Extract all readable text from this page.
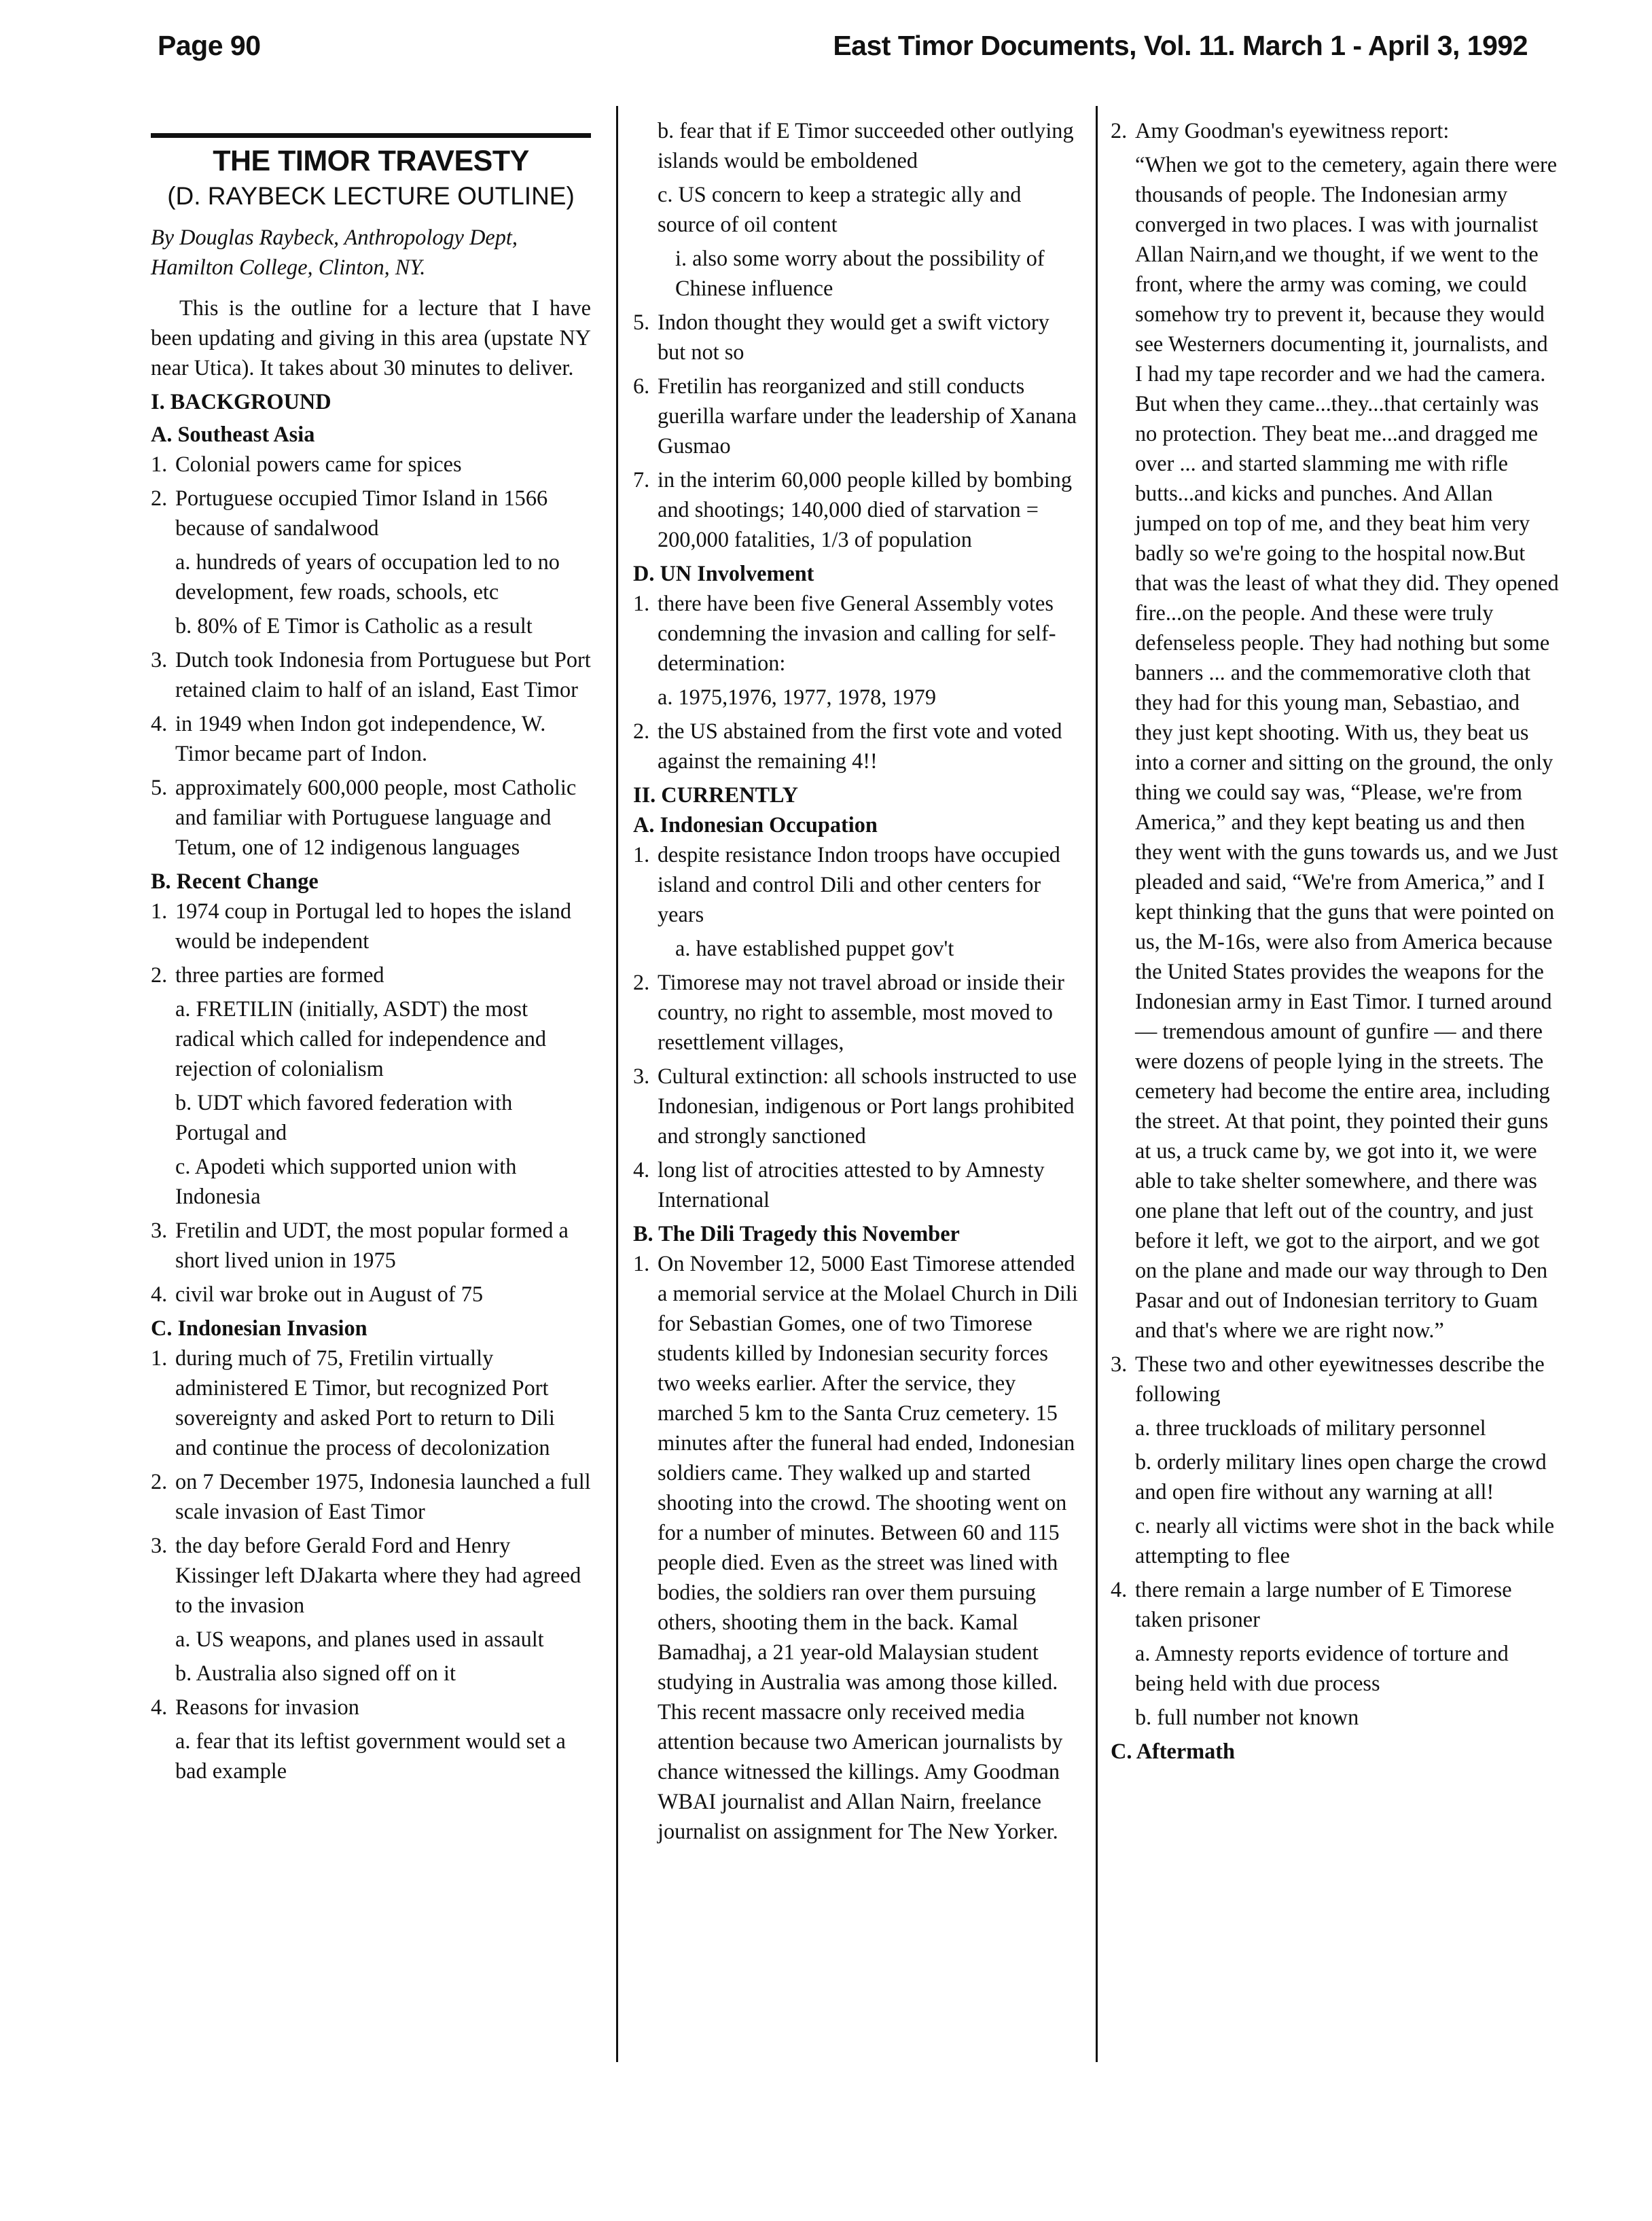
Page 90	East Timor Documents, Vol. 11. March 1 - April 3, 1992
THE TIMOR TRAVESTY
(D. RAYBECK LECTURE OUTLINE)
By Douglas Raybeck, Anthropology Dept, Hamilton College, Clinton, NY.
This is the outline for a lecture that I have been updating and giving in this area (upstate NY near Utica). It takes about 30 minutes to deliver.
I. BACKGROUND
A. Southeast Asia
1. Colonial powers came for spices
2. Portuguese occupied Timor Island in 1566 because of sandalwood
a. hundreds of years of occupation led to no development, few roads, schools, etc
b. 80% of E Timor is Catholic as a result
3. Dutch took Indonesia from Portuguese but Port retained claim to half of an island, East Timor
4. in 1949 when Indon got independence, W. Timor became part of Indon.
5. approximately 600,000 people, most Catholic and familiar with Portuguese language and Tetum, one of 12 indigenous languages
B. Recent Change
1. 1974 coup in Portugal led to hopes the island would be independent
2. three parties are formed
a. FRETILIN (initially, ASDT) the most radical which called for independence and rejection of colonialism
b. UDT which favored federation with Portugal and
c. Apodeti which supported union with Indonesia
3. Fretilin and UDT, the most popular formed a short lived union in 1975
4. civil war broke out in August of 75
C. Indonesian Invasion
1. during much of 75, Fretilin virtually administered E Timor, but recognized Port sovereignty and asked Port to return to Dili and continue the process of decolonization
2. on 7 December 1975, Indonesia launched a full scale invasion of East Timor
3. the day before Gerald Ford and Henry Kissinger left DJakarta where they had agreed to the invasion
a. US weapons, and planes used in assault
b. Australia also signed off on it
4. Reasons for invasion
a. fear that its leftist government would set a bad example
b. fear that if E Timor succeeded other outlying islands would be emboldened
c. US concern to keep a strategic ally and source of oil content
i. also some worry about the possibility of Chinese influence
5. Indon thought they would get a swift victory but not so
6. Fretilin has reorganized and still conducts guerilla warfare under the leadership of Xanana Gusmao
7. in the interim 60,000 people killed by bombing and shootings; 140,000 died of starvation = 200,000 fatalities, 1/3 of population
D. UN Involvement
1. there have been five General Assembly votes condemning the invasion and calling for self-determination:
a. 1975,1976, 1977, 1978, 1979
2. the US abstained from the first vote and voted against the remaining 4!!
II. CURRENTLY
A. Indonesian Occupation
1. despite resistance Indon troops have occupied island and control Dili and other centers for years
a. have established puppet gov't
2. Timorese may not travel abroad or inside their country, no right to assemble, most moved to resettlement villages,
3. Cultural extinction: all schools instructed to use Indonesian, indigenous or Port langs prohibited and strongly sanctioned
4. long list of atrocities attested to by Amnesty International
B. The Dili Tragedy this November
1. On November 12, 5000 East Timorese attended a memorial service at the Molael Church in Dili for Sebastian Gomes, one of two Timorese students killed by Indonesian security forces two weeks earlier. After the service, they marched 5 km to the Santa Cruz cemetery. 15 minutes after the funeral had ended, Indonesian soldiers came. They walked up and started shooting into the crowd. The shooting went on for a number of minutes. Between 60 and 115 people died. Even as the street was lined with bodies, the soldiers ran over them pursuing others, shooting them in the back. Kamal Bamadhaj, a 21 year-old Malaysian student studying in Australia was among those killed. This recent massacre only received media attention because two American journalists by chance witnessed the killings. Amy Goodman WBAI journalist and Allan Nairn, freelance journalist on assignment for The New Yorker.
2. Amy Goodman's eyewitness report:
“When we got to the cemetery, again there were thousands of people. The Indonesian army converged in two places. I was with journalist Allan Nairn,and we thought, if we went to the front, where the army was coming, we could somehow try to prevent it, because they would see Westerners documenting it, journalists, and I had my tape recorder and we had the camera. But when they came...they...that certainly was no protection. They beat me...and dragged me over ... and started slamming me with rifle butts...and kicks and punches. And Allan jumped on top of me, and they beat him very badly so we're going to the hospital now.But that was the least of what they did. They opened fire...on the people. And these were truly defenseless people. They had nothing but some banners ... and the commemorative cloth that they had for this young man, Sebastiao, and they just kept shooting. With us, they beat us into a corner and sitting on the ground, the only thing we could say was, “Please, we're from America,” and they kept beating us and then they went with the guns towards us, and we Just pleaded and said, “We're from America,” and I kept thinking that the guns that were pointed on us, the M-16s, were also from America because the United States provides the weapons for the Indonesian army in East Timor. I turned around — tremendous amount of gunfire — and there were dozens of people lying in the streets. The cemetery had become the entire area, including the street. At that point, they pointed their guns at us, a truck came by, we got into it, we were able to take shelter somewhere, and there was one plane that left out of the country, and just before it left, we got to the airport, and we got on the plane and made our way through to Den Pasar and out of Indonesian territory to Guam and that's where we are right now.”
3. These two and other eyewitnesses describe the following
a. three truckloads of military personnel
b. orderly military lines open charge the crowd and open fire without any warning at all!
c. nearly all victims were shot in the back while attempting to flee
4. there remain a large number of E Timorese taken prisoner
a. Amnesty reports evidence of torture and being held with due process
b. full number not known
C. Aftermath
